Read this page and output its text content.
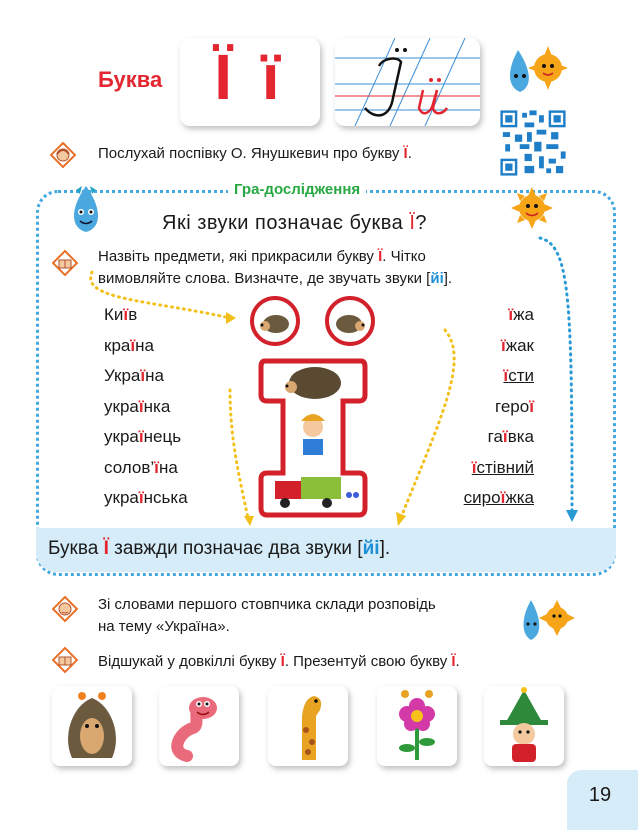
Буква Ї ї
Послухай поспівку О. Янушкевич про букву Ї.
Гра-дослідження
Які звуки позначає буква Ї?
Назвіть предмети, які прикрасили букву Ї. Чітко
вимовляйте слова. Визначте, де звучать звуки [йі].
Київ
країна
Україна
українка
українець
солов’їна
українська
їжа
їжак
їсти
герої
гаївка
їстівний
сироїжка
Буква Ї завжди позначає два звуки [йі].
Зі словами першого стовпчика склади розповідь
на тему «Україна».
Відшукай у довкіллі букву Ї. Презентуй свою букву Ї.
19
